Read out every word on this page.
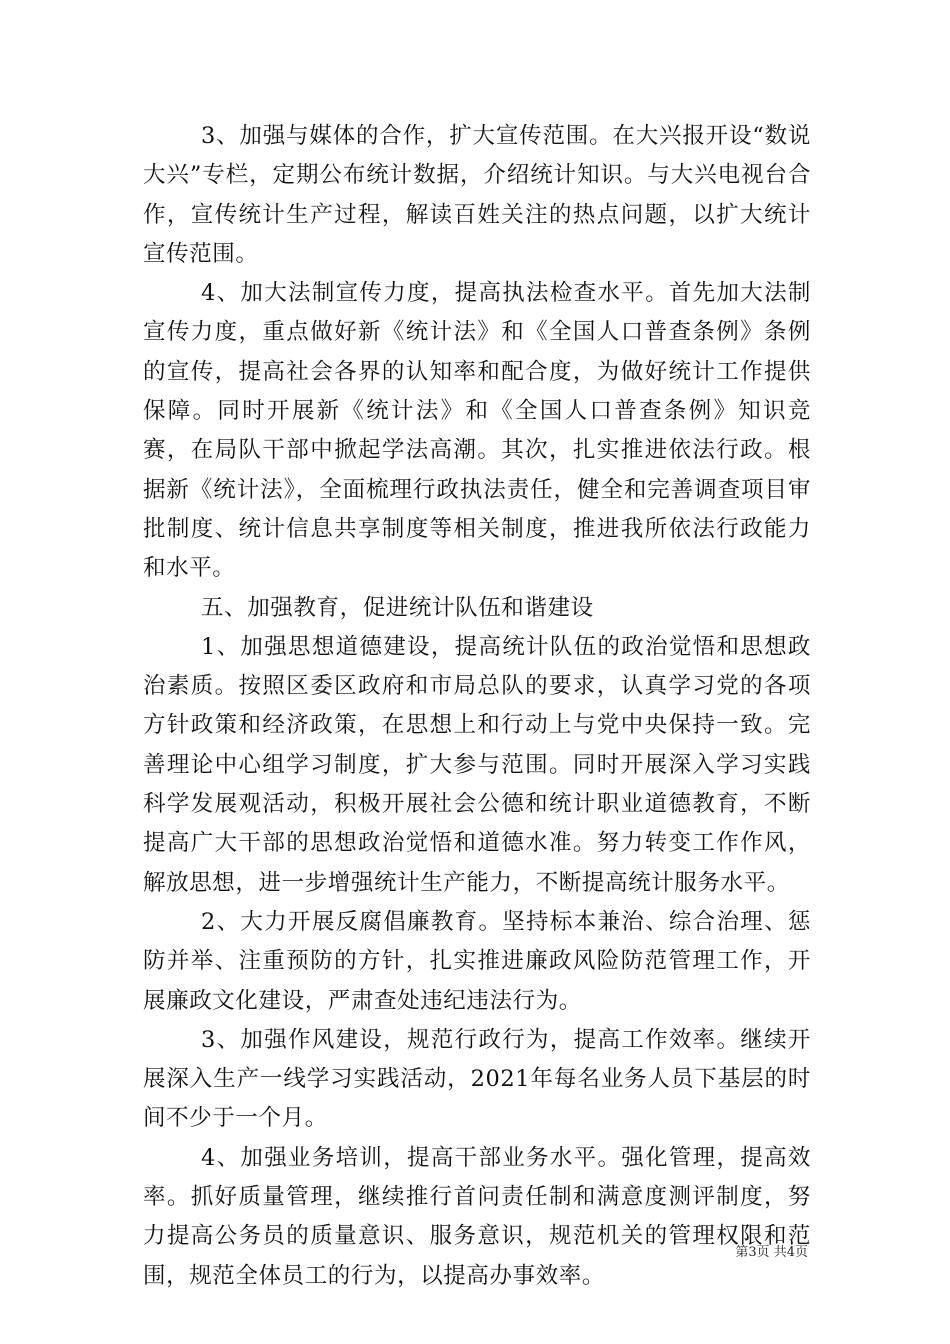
3、加强与媒体的合作，扩大宣传范围。在大兴报开设“数说大兴”专栏，定期公布统计数据，介绍统计知识。与大兴电视台合作，宣传统计生产过程，解读百姓关注的热点问题，以扩大统计宣传范围。

4、加大法制宣传力度，提高执法检查水平。首先加大法制宣传力度，重点做好新《统计法》和《全国人口普查条例》条例的宣传，提高社会各界的认知率和配合度，为做好统计工作提供保障。同时开展新《统计法》和《全国人口普查条例》知识竞赛，在局队干部中掀起学法高潮。其次，扎实推进依法行政。根据新《统计法》，全面梳理行政执法责任，健全和完善调查项目审批制度、统计信息共享制度等相关制度，推进我所依法行政能力和水平。

五、加强教育，促进统计队伍和谐建设

1、加强思想道德建设，提高统计队伍的政治觉悟和思想政治素质。按照区委区政府和市局总队的要求，认真学习党的各项方针政策和经济政策，在思想上和行动上与党中央保持一致。完善理论中心组学习制度，扩大参与范围。同时开展深入学习实践科学发展观活动，积极开展社会公德和统计职业道德教育，不断提高广大干部的思想政治觉悟和道德水准。努力转变工作作风，解放思想，进一步增强统计生产能力，不断提高统计服务水平。

2、大力开展反腐倡廉教育。坚持标本兼治、综合治理、惩防并举、注重预防的方针，扎实推进廉政风险防范管理工作，开展廉政文化建设，严肃查处违纪违法行为。

3、加强作风建设，规范行政行为，提高工作效率。继续开展深入生产一线学习实践活动，2021年每名业务人员下基层的时间不少于一个月。

4、加强业务培训，提高干部业务水平。强化管理，提高效率。抓好质量管理，继续推行首问责任制和满意度测评制度，努力提高公务员的质量意识、服务意识，规范机关的管理权限和范围，规范全体员工的行为，以提高办事效率。

第3页 共4页
